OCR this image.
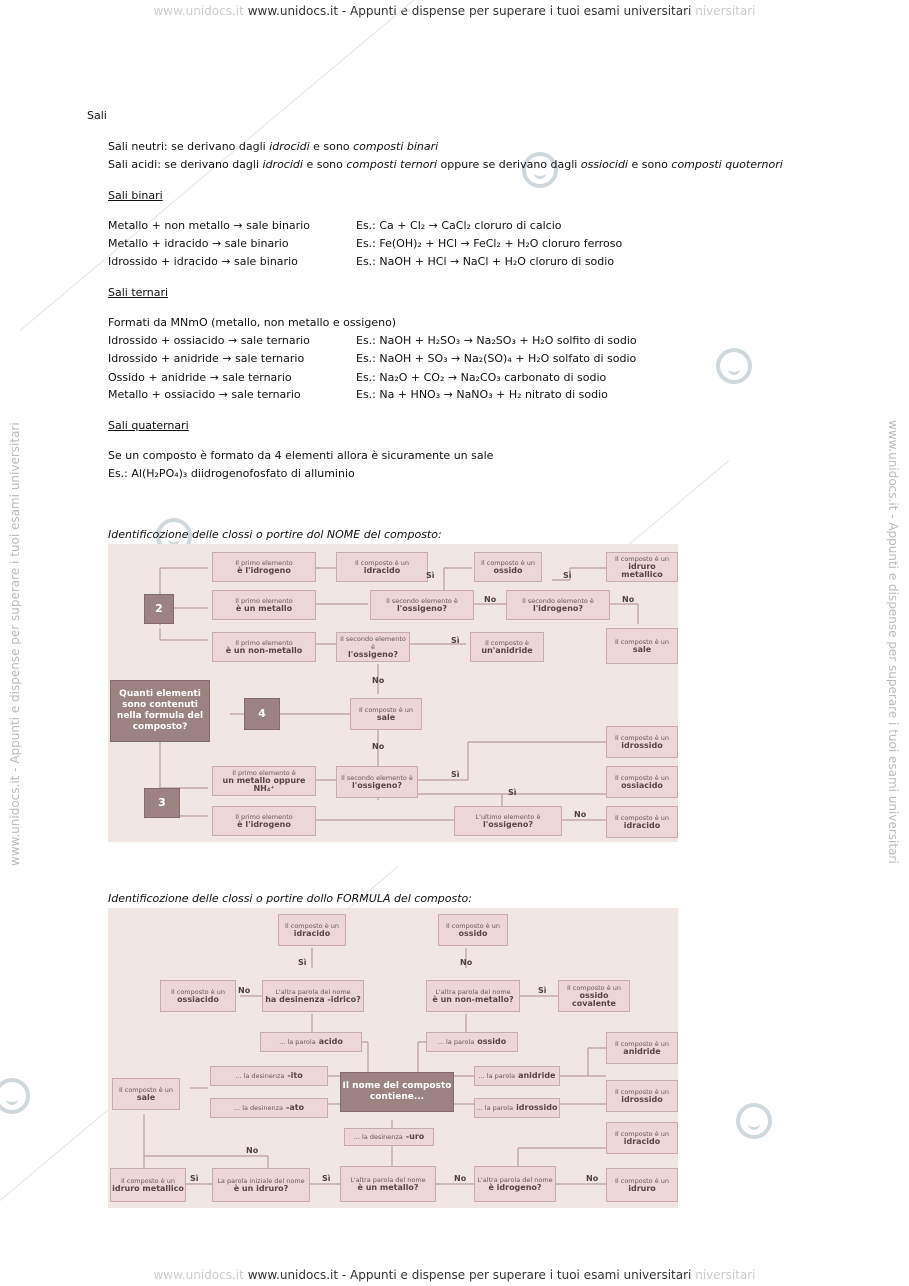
www.unidocs.it www.unidocs.it - Appunti e dispense per superare i tuoi esami universitari niversitari
www.unidocs.it www.unidocs.it - Appunti e dispense per superare i tuoi esami universitari niversitari
www.unidocs.it - Appunti e dispense per superare i tuoi esami universitari	www.unidocs.it - Appunti e dispense per superare i tuoi esami universitari
Sali
Sali neutri: se derivano dagli idrocidi e sono composti binari
Sali acidi: se derivano dagli idrocidi e sono composti ternori oppure se derivano dagli ossiocidi e sono composti quoternori
Sali binari
Metallo + non metallo → sale binario	Es.: Ca + Cl₂ → CaCl₂ cloruro di calcio
Metallo + idracido → sale binario	Es.: Fe(OH)₂ + HCl → FeCl₂ + H₂O cloruro ferroso
Idrossido + idracido → sale binario	Es.: NaOH + HCl → NaCl + H₂O cloruro di sodio
Sali ternari
Formati da MNmO (metallo, non metallo e ossigeno)
Idrossido + ossiacido → sale ternario	Es.: NaOH + H₂SO₃ → Na₂SO₃ + H₂O solfito di sodio
Idrossido + anidride → sale ternario	Es.: NaOH + SO₃ → Na₂(SO)₄ + H₂O solfato di sodio
Ossido + anidride → sale ternario	Es.: Na₂O + CO₂ → Na₂CO₃ carbonato di sodio
Metallo + ossiacido → sale ternario	Es.: Na + HNO₃ → NaNO₃ + H₂ nitrato di sodio
Sali quaternari
Se un composto è formato da 4 elementi allora è sicuramente un sale
Es.: Al(H₂PO₄)₃ diidrogenofosfato di alluminio
Identificozione delle clossi o portire dol NOME del composto:
Il primo elemento
è l'idrogeno
Il composto è un
idracido
Il composto è un
ossido
Il composto è un
idruro metallico
Il primo elemento
è un metallo
Il secondo elemento è
l'ossigeno?
Il secondo elemento è
l'idrogeno?
Il primo elemento
è un non-metallo
Il secondo elemento è
l'ossigeno?
Il composto è
un'anidride
Il composto è un
sale
2
Quanti elementi sono contenuti nella formula del composto?
4	Il composto è un
sale
Il composto è un
idrossido
3
Il primo elemento è
un metallo oppure NH₄⁺
Il secondo elemento è
l'ossigeno?
Il composto è un
ossiacido
Il primo elemento
è l'idrogeno
L'ultimo elemento è
l'ossigeno?
Il composto è un
idracido
Sì	Sì
No	No
Sì
No
No
Sì
Sì
No
Identificozione delle clossi o portire dollo FORMULA del composto:
Il composto è un
idracido
Il composto è un
ossido
Il composto è un
ossiacido
L'altra parola del nome
ha desinenza -idrico?
L'altra parola del nome
è un non-metallo?
Il composto è un
ossido covalente
... la parola acido	... la parola ossido	Il composto è un
anidride
... la desinenza -ito
Il nome del composto contiene...
... la parola anidride
Il composto è un
sale
... la desinenza -ato	... la parola idrossido
Il composto è un
idrossido
... la desinenza -uro	Il composto è un
idracido
Il composto è un
idruro metallico
La parola iniziale del nome
è un idruro?
L'altra parola del nome
è un metallo?
L'altra parola del nome
è idrogeno?
Il composto è un
idruro
Sì	No
No	Sì
No
Sì	Sì	No	No
